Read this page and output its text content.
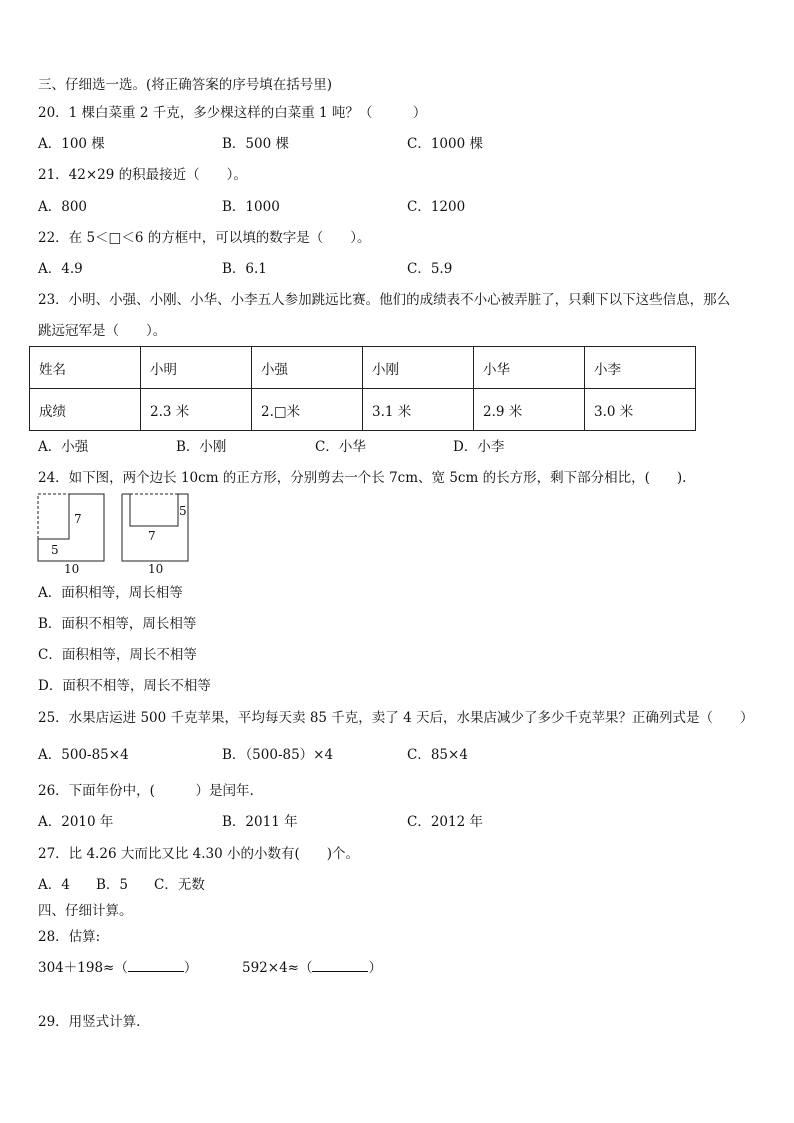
三、仔细选一选。(将正确答案的序号填在括号里)
20．1 棵白菜重 2 千克，多少棵这样的白菜重 1 吨？（　　　）
A．100 棵	B．500 棵	C．1000 棵
21．42×29 的积最接近（　　）。
A．800	B．1000	C．1200
22．在 5＜□＜6 的方框中，可以填的数字是（　　）。
A．4.9	B．6.1	C．5.9
23．小明、小强、小刚、小华、小李五人参加跳远比赛。他们的成绩表不小心被弄脏了，只剩下以下这些信息，那么
跳远冠军是（　　）。
姓名	小明	小强	小刚	小华	小李
成绩	2.3 米	2.□米	3.1 米	2.9 米	3.0 米
A．小强	B．小刚	C．小华	D．小李
24．如下图，两个边长 10cm 的正方形，分别剪去一个长 7cm、宽 5cm 的长方形，剩下部分相比，(　　).
7
5
10
5
7
10
A．面积相等，周长相等
B．面积不相等，周长相等
C．面积相等，周长不相等
D．面积不相等，周长不相等
25．水果店运进 500 千克苹果，平均每天卖 85 千克，卖了 4 天后，水果店减少了多少千克苹果？正确列式是（　　）
A．500-85×4	B．（500-85）×4	C．85×4
26．下面年份中，(　　　）是闰年.
A．2010 年	B．2011 年	C．2012 年
27．比 4.26 大而比又比 4.30 小的小数有(　　)个。
A．4 B．5 C．无数
四、仔细计算。
28．估算:
304＋198≈（	）	592×4≈（	）
29．用竖式计算.
